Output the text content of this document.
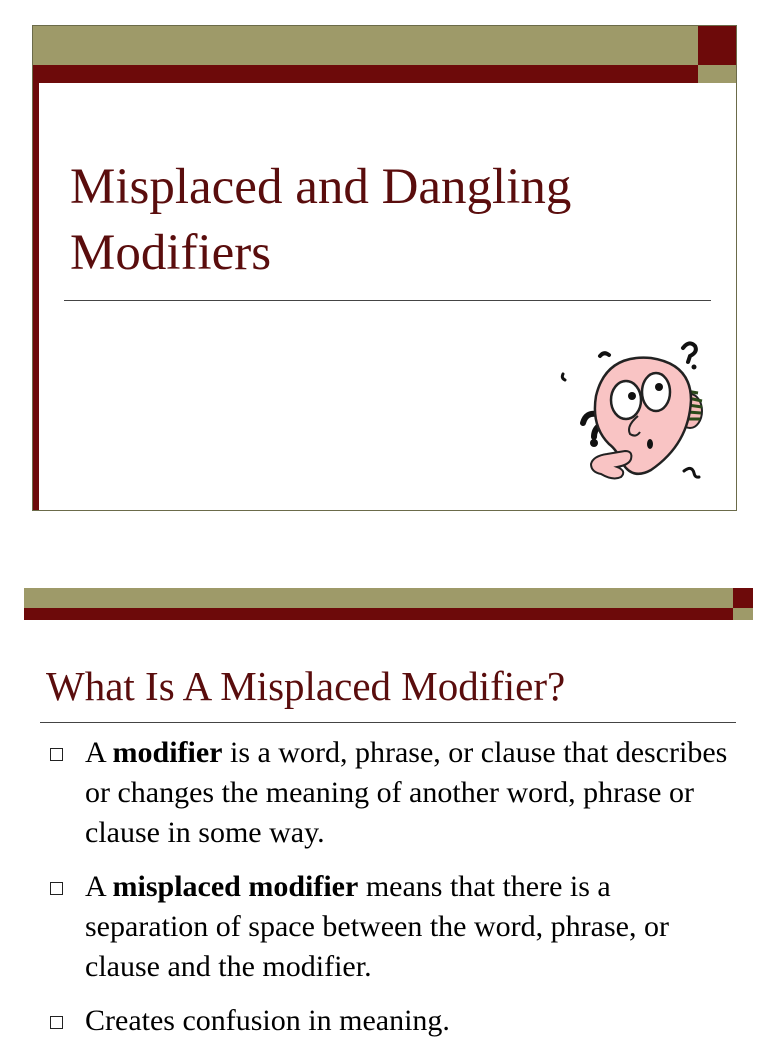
Misplaced and Dangling
Modifiers
What Is A Misplaced Modifier?
A modifier is a word, phrase, or clause that describes or changes the meaning of another word, phrase or clause in some way.
A misplaced modifier means that there is a separation of space between the word, phrase, or clause and the modifier.
Creates confusion in meaning.
